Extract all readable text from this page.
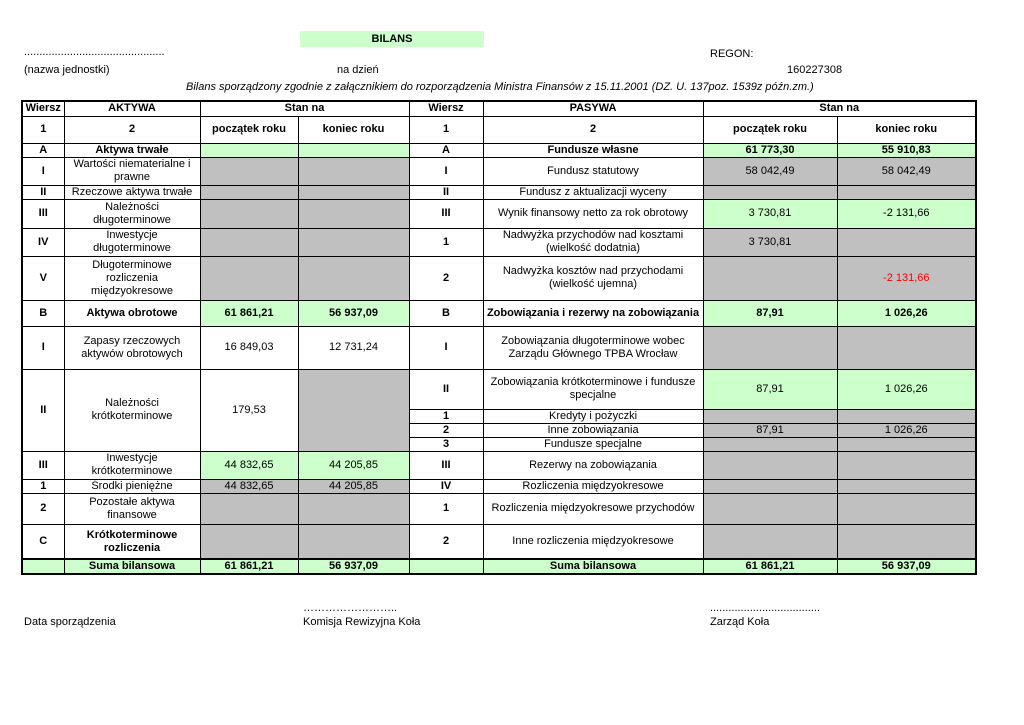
BILANS
..............................................	REGON:
(nazwa jednostki)	na dzień	160227308
Bilans sporządzony zgodnie z załącznikiem do rozporządzenia Ministra Finansów z 15.11.2001 (DZ. U. 137poz. 1539z późn.zm.)
Wiersz	AKTYWA	Stan na		Wiersz	PASYWA	Stan na	
1	2	początek roku	koniec roku	1	2	początek roku	koniec roku
A	Aktywa trwałe			A	Fundusze własne	61 773,30	55 910,83
I	Wartości niematerialne i prawne			I	Fundusz statutowy	58 042,49	58 042,49
II	Rzeczowe aktywa trwałe			II	Fundusz z aktualizacji wyceny		
III	Należności długoterminowe			III	Wynik finansowy netto za rok obrotowy	3 730,81	-2 131,66
IV	Inwestycje długoterminowe			1	Nadwyżka przychodów nad kosztami (wielkość dodatnia)	3 730,81	
V	Długoterminowe rozliczenia międzyokresowe			2	Nadwyżka kosztów nad przychodami (wielkość ujemna)		-2 131,66
B	Aktywa obrotowe	61 861,21	56 937,09	B	Zobowiązania i rezerwy na zobowiązania	87,91	1 026,26
I	Zapasy rzeczowych aktywów obrotowych	16 849,03	12 731,24	I	Zobowiązania długoterminowe wobec Zarządu Głównego TPBA Wrocław		
II	Należności krótkoterminowe	179,53		II	Zobowiązania krótkoterminowe i fundusze specjalne	87,91	1 026,26
				1	Kredyty i pożyczki		
				2	Inne zobowiązania	87,91	1 026,26
				3	Fundusze specjalne		
III	Inwestycje krótkoterminowe	44 832,65	44 205,85	III	Rezerwy na zobowiązania		
1	Środki pieniężne	44 832,65	44 205,85	IV	Rozliczenia międzyokresowe		
2	Pozostałe aktywa finansowe			1	Rozliczenia międzyokresowe przychodów		
C	Krótkoterminowe rozliczenia			2	Inne rozliczenia międzyokresowe		
	Suma bilansowa	61 861,21	56 937,09		Suma bilansowa	61 861,21	56 937,09
……………………..	....................................
Data sporządzenia	Komisja Rewizyjna Koła	Zarząd Koła
